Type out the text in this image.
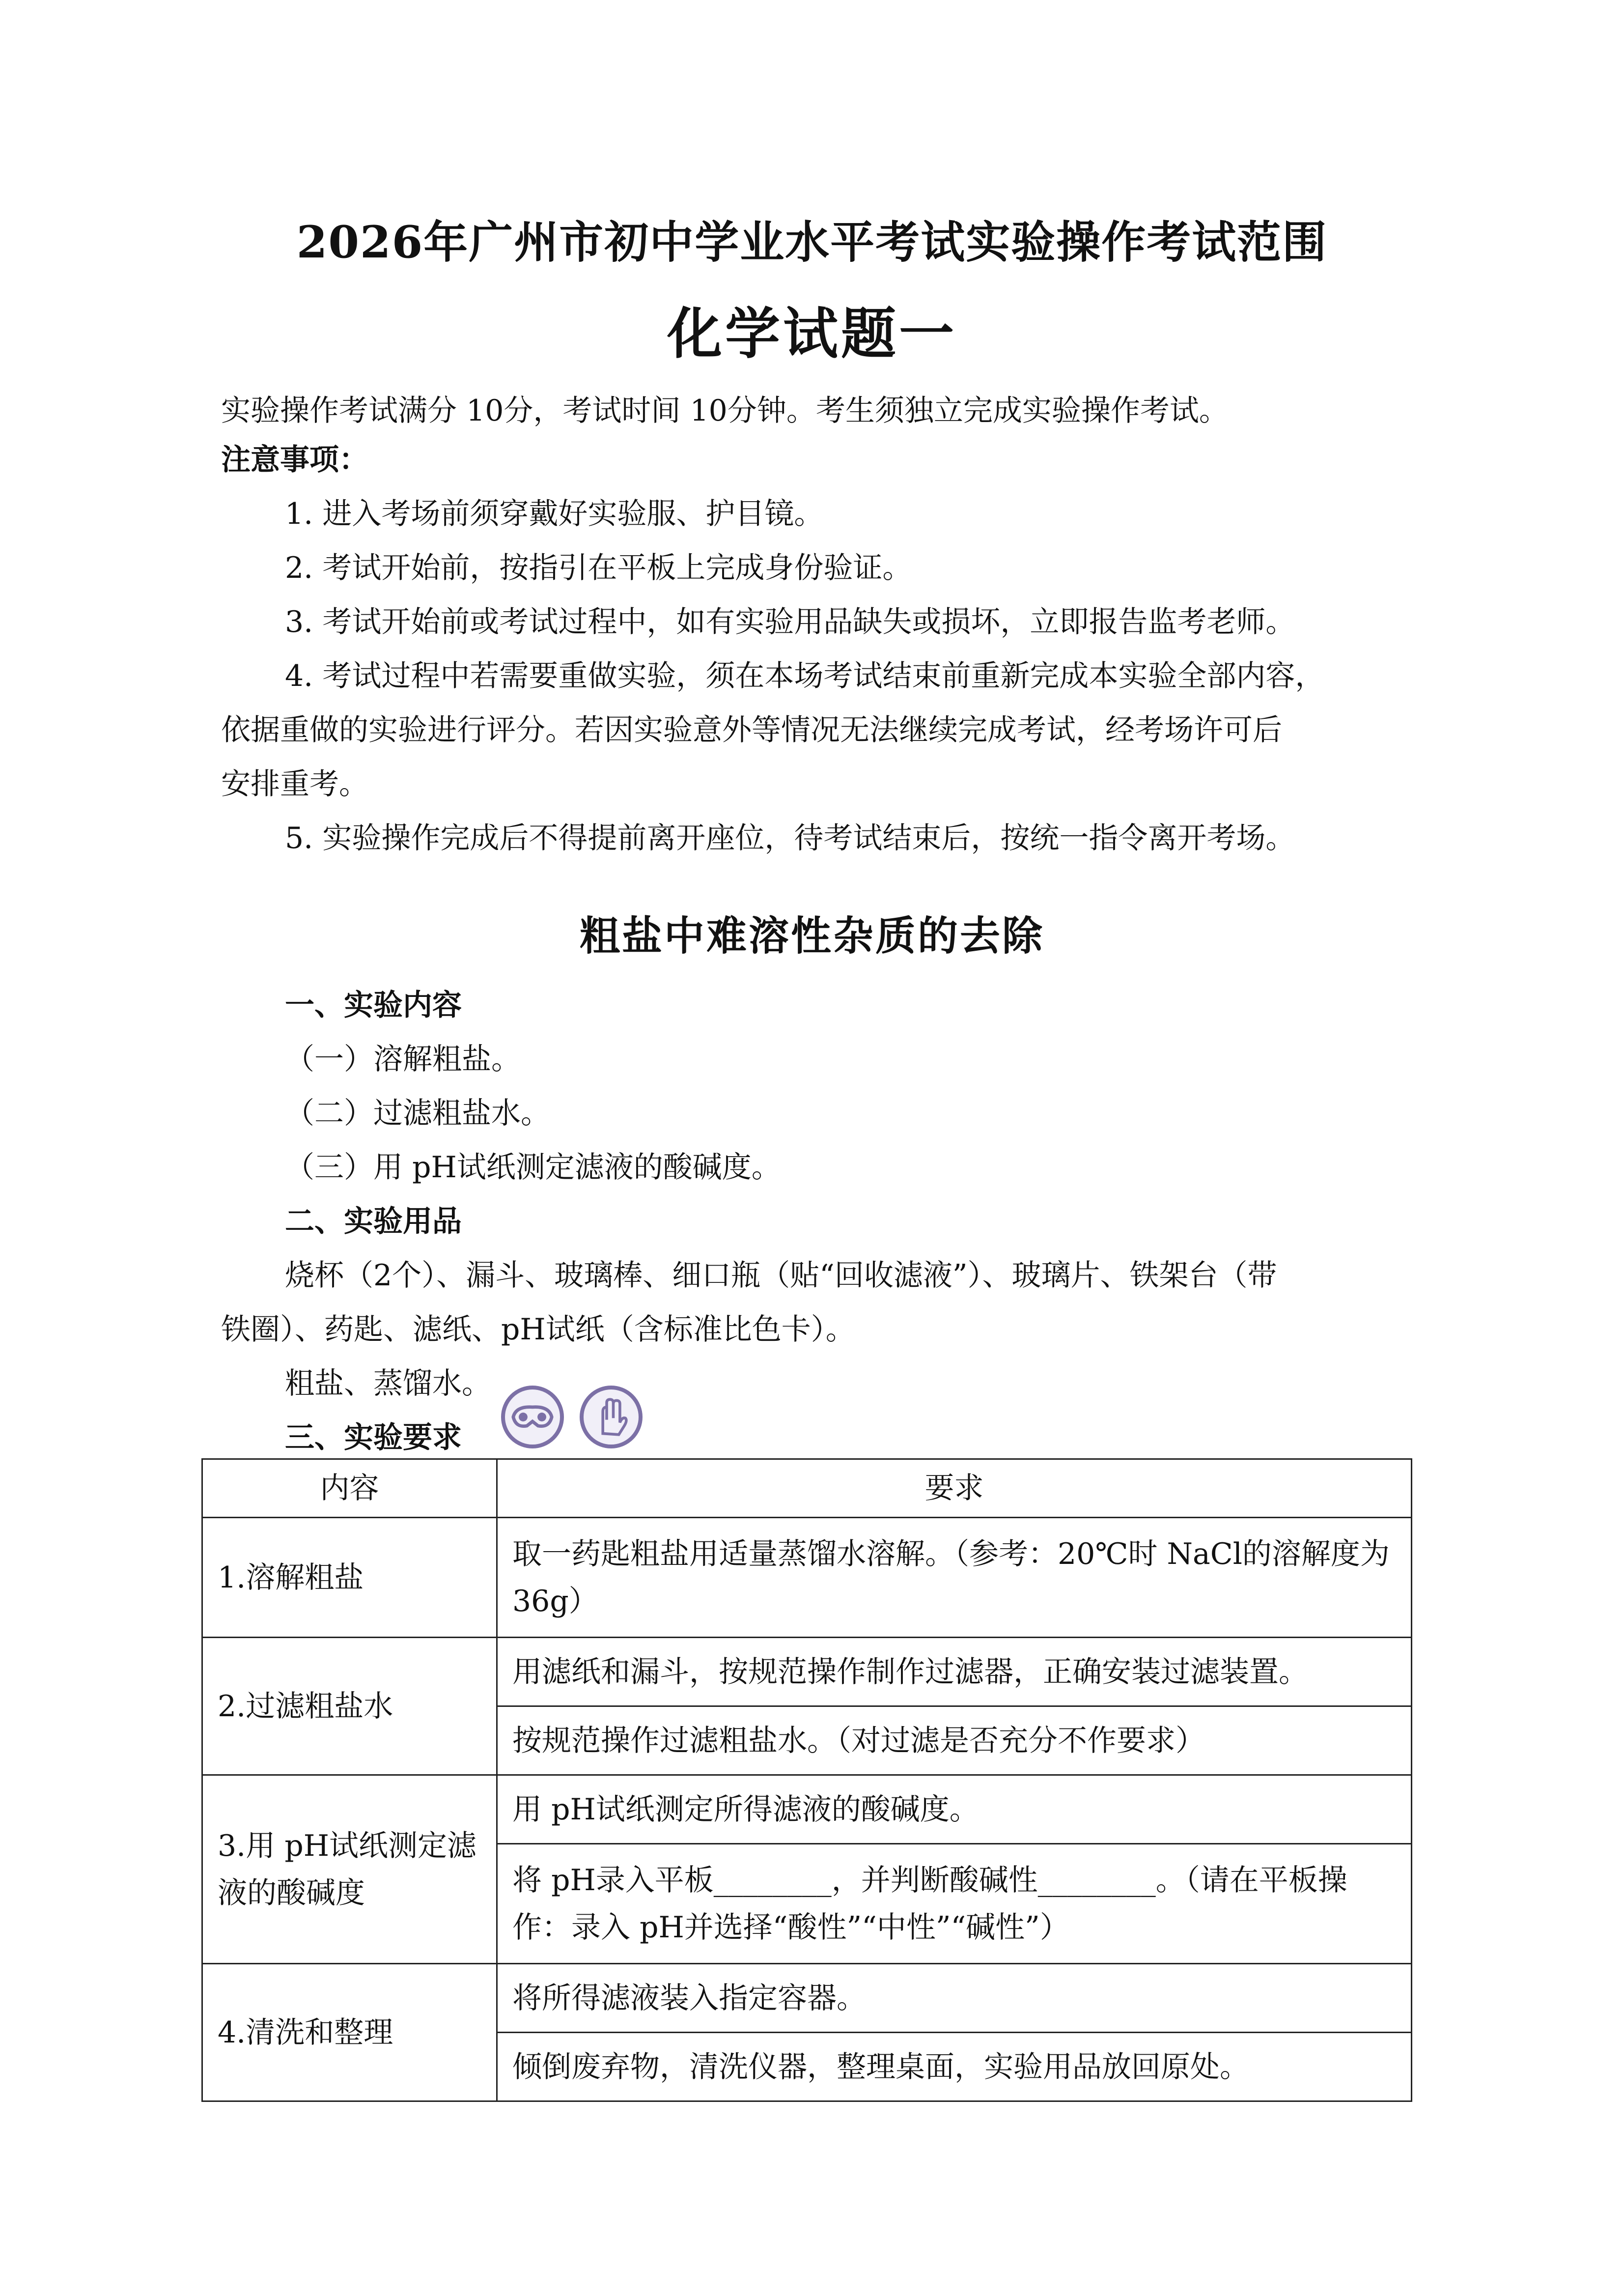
2026年广州市初中学业水平考试实验操作考试范围
化学试题一
实验操作考试满分 10分，考试时间 10分钟。考生须独立完成实验操作考试。
注意事项：
1. 进入考场前须穿戴好实验服、护目镜。
2. 考试开始前，按指引在平板上完成身份验证。
3. 考试开始前或考试过程中，如有实验用品缺失或损坏，立即报告监考老师。
4. 考试过程中若需要重做实验，须在本场考试结束前重新完成本实验全部内容，
依据重做的实验进行评分。若因实验意外等情况无法继续完成考试，经考场许可后
安排重考。
5. 实验操作完成后不得提前离开座位，待考试结束后，按统一指令离开考场。
粗盐中难溶性杂质的去除
一、实验内容
（一）溶解粗盐。
（二）过滤粗盐水。
（三）用 pH试纸测定滤液的酸碱度。
二、实验用品
烧杯（2个）、漏斗、玻璃棒、细口瓶（贴“回收滤液”）、玻璃片、铁架台（带
铁圈）、药匙、滤纸、pH试纸（含标准比色卡）。
粗盐、蒸馏水。
三、实验要求
内容	要求
1.溶解粗盐	取一药匙粗盐用适量蒸馏水溶解。（参考：20℃时 NaCl的溶解度为 36g）
2.过滤粗盐水	用滤纸和漏斗，按规范操作制作过滤器，正确安装过滤装置。
	按规范操作过滤粗盐水。（对过滤是否充分不作要求）
3.用 pH试纸测定滤液的酸碱度	用 pH试纸测定所得滤液的酸碱度。
	将 pH录入平板________，并判断酸碱性________。（请在平板操作：录入 pH并选择“酸性”“中性”“碱性”）
4.清洗和整理	将所得滤液装入指定容器。
	倾倒废弃物，清洗仪器，整理桌面，实验用品放回原处。
